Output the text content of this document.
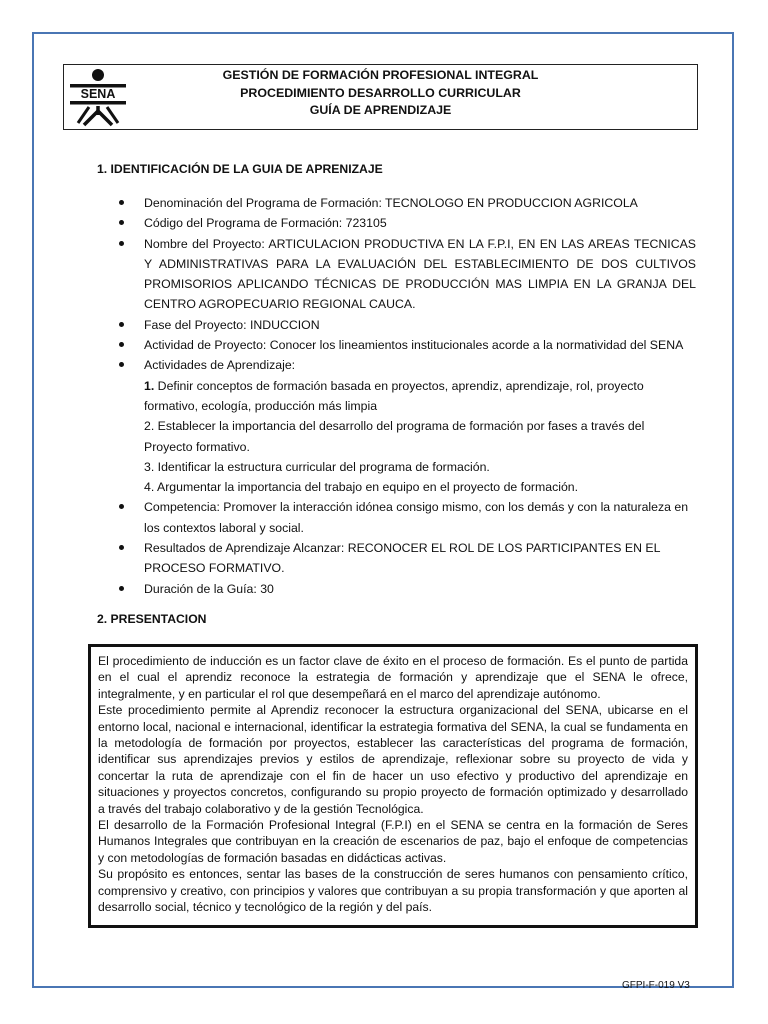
SENA
GESTIÓN DE FORMACIÓN PROFESIONAL INTEGRAL
PROCEDIMIENTO DESARROLLO CURRICULAR
GUÍA DE APRENDIZAJE
1. IDENTIFICACIÓN DE LA GUIA DE APRENIZAJE
Denominación del Programa de Formación: TECNOLOGO EN PRODUCCION AGRICOLA
Código del Programa de Formación: 723105
Nombre del Proyecto: ARTICULACION PRODUCTIVA EN LA F.P.I, EN EN LAS AREAS TECNICAS Y ADMINISTRATIVAS PARA LA EVALUACIÓN DEL ESTABLECIMIENTO DE DOS CULTIVOS PROMISORIOS APLICANDO TÉCNICAS DE PRODUCCIÓN MAS LIMPIA EN LA GRANJA DEL CENTRO AGROPECUARIO REGIONAL CAUCA.
Fase del Proyecto: INDUCCION
Actividad de Proyecto: Conocer los lineamientos institucionales acorde a la normatividad del SENA
Actividades de Aprendizaje:
1. Definir conceptos de formación basada en proyectos, aprendiz, aprendizaje, rol, proyecto formativo, ecología, producción más limpia
2. Establecer la importancia del desarrollo del programa de formación por fases a través del Proyecto formativo.
3. Identificar la estructura curricular del programa de formación.
4. Argumentar la importancia del trabajo en equipo en el proyecto de formación.
Competencia: Promover la interacción idónea consigo mismo, con los demás y con la naturaleza en los contextos laboral y social.
Resultados de Aprendizaje Alcanzar: RECONOCER EL ROL DE LOS PARTICIPANTES EN EL PROCESO FORMATIVO.
Duración de la Guía: 30
2. PRESENTACION

El procedimiento de inducción es un factor clave de éxito en el proceso de formación. Es el punto de partida en el cual el aprendiz reconoce la estrategia de formación y aprendizaje que el SENA le ofrece, integralmente, y en particular el rol que desempeñará en el marco del aprendizaje autónomo.

Este procedimiento permite al Aprendiz reconocer la estructura organizacional del SENA, ubicarse en el entorno local, nacional e internacional, identificar la estrategia formativa del SENA, la cual se fundamenta en la metodología de formación por proyectos, establecer las características del programa de formación, identificar sus aprendizajes previos y estilos de aprendizaje, reflexionar sobre su proyecto de vida y concertar la ruta de aprendizaje con el fin de hacer un uso efectivo y productivo del aprendizaje en situaciones y proyectos concretos, configurando su propio proyecto de formación optimizado y desarrollado a través del trabajo colaborativo y de la gestión Tecnológica.

El desarrollo de la Formación Profesional Integral (F.P.I) en el SENA se centra en la formación de Seres Humanos Integrales que contribuyan en la creación de escenarios de paz, bajo el enfoque de competencias y con metodologías de formación basadas en didácticas activas.

Su propósito es entonces, sentar las bases de la construcción de seres humanos con pensamiento crítico, comprensivo y creativo, con principios y valores que contribuyan a su propia transformación y que aporten al desarrollo social, técnico y tecnológico de la región y del país.

GFPI-F-019 V3
